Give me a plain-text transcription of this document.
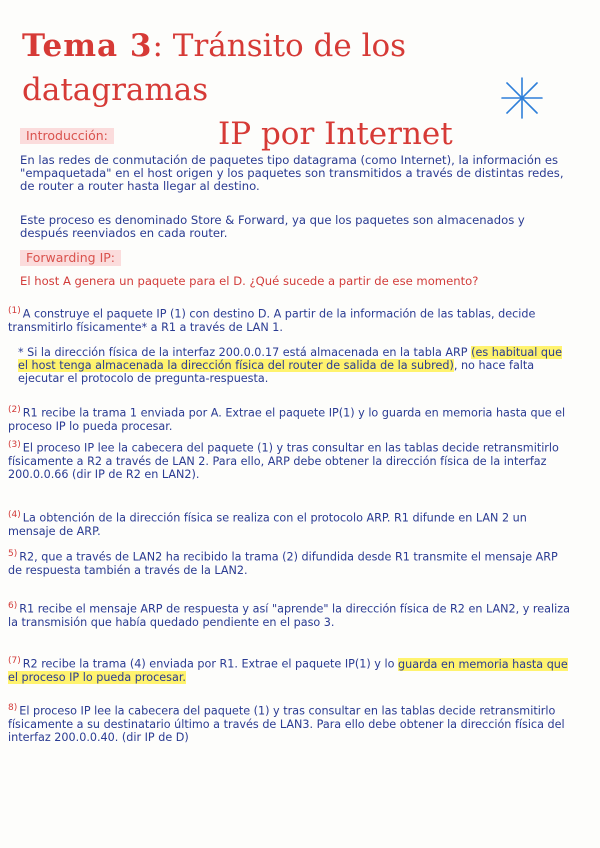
Tema 3: Tránsito de los datagramas
IP por Internet
Introducción:

En las redes de conmutación de paquetes tipo datagrama (como Internet), la información es "empaquetada" en el host origen y los paquetes son transmitidos a través de distintas redes, de router a router hasta llegar al destino.

Este proceso es denominado Store & Forward, ya que los paquetes son almacenados y después reenviados en cada router.

Forwarding IP:

El host A genera un paquete para el D. ¿Qué sucede a partir de ese momento?

$^{(1)}$ A construye el paquete IP (1) con destino D. A partir de la información de las tablas, decide transmitirlo físicamente* a R1 a través de LAN 1.
* Si la dirección física de la interfaz 200.0.0.17 está almacenada en la tabla ARP (es habitual que el host tenga almacenada la dirección física del router de salida de la subred), no hace falta ejecutar el protocolo de pregunta-respuesta.
$^{(2)}$ R1 recibe la trama 1 enviada por A. Extrae el paquete IP(1) y lo guarda en memoria hasta que el proceso IP lo pueda procesar.
$^{(3)}$ El proceso IP lee la cabecera del paquete (1) y tras consultar en las tablas decide retransmitirlo físicamente a R2 a través de LAN 2. Para ello, ARP debe obtener la dirección física de la interfaz 200.0.0.66 (dir IP de R2 en LAN2).
$^{(4)}$ La obtención de la dirección física se realiza con el protocolo ARP. R1 difunde en LAN 2 un mensaje de ARP.
$^{5)}$ R2, que a través de LAN2 ha recibido la trama (2) difundida desde R1 transmite el mensaje ARP de respuesta también a través de la LAN2.
$^{6)}$ R1 recibe el mensaje ARP de respuesta y así "aprende" la dirección física de R2 en LAN2, y realiza la transmisión que había quedado pendiente en el paso 3.
$^{(7)}$ R2 recibe la trama (4) enviada por R1. Extrae el paquete IP(1) y lo guarda en memoria hasta que el proceso IP lo pueda procesar.
$^{8)}$ El proceso IP lee la cabecera del paquete (1) y tras consultar en las tablas decide retransmitirlo físicamente a su destinatario último a través de LAN3. Para ello debe obtener la dirección física del interfaz 200.0.0.40. (dir IP de D)
